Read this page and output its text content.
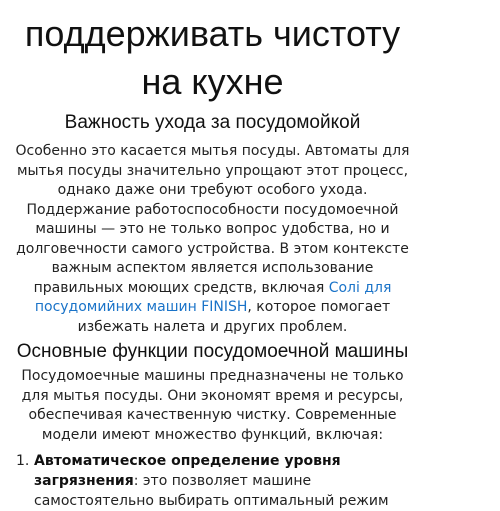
поддерживать чистоту на кухне
Важность ухода за посудомойкой

Особенно это касается мытья посуды. Автоматы для мытья посуды значительно упрощают этот процесс, однако даже они требуют особого ухода. Поддержание работоспособности посудомоечной машины — это не только вопрос удобства, но и долговечности самого устройства. В этом контексте важным аспектом является использование правильных моющих средств, включая Солі для посудомийних машин FINISH, которое помогает избежать налета и других проблем.

Основные функции посудомоечной машины

Посудомоечные машины предназначены не только для мытья посуды. Они экономят время и ресурсы, обеспечивая качественную чистку. Современные модели имеют множество функций, включая:

1. Автоматическое определение уровня загрязнения: это позволяет машине самостоятельно выбирать оптимальный режим
